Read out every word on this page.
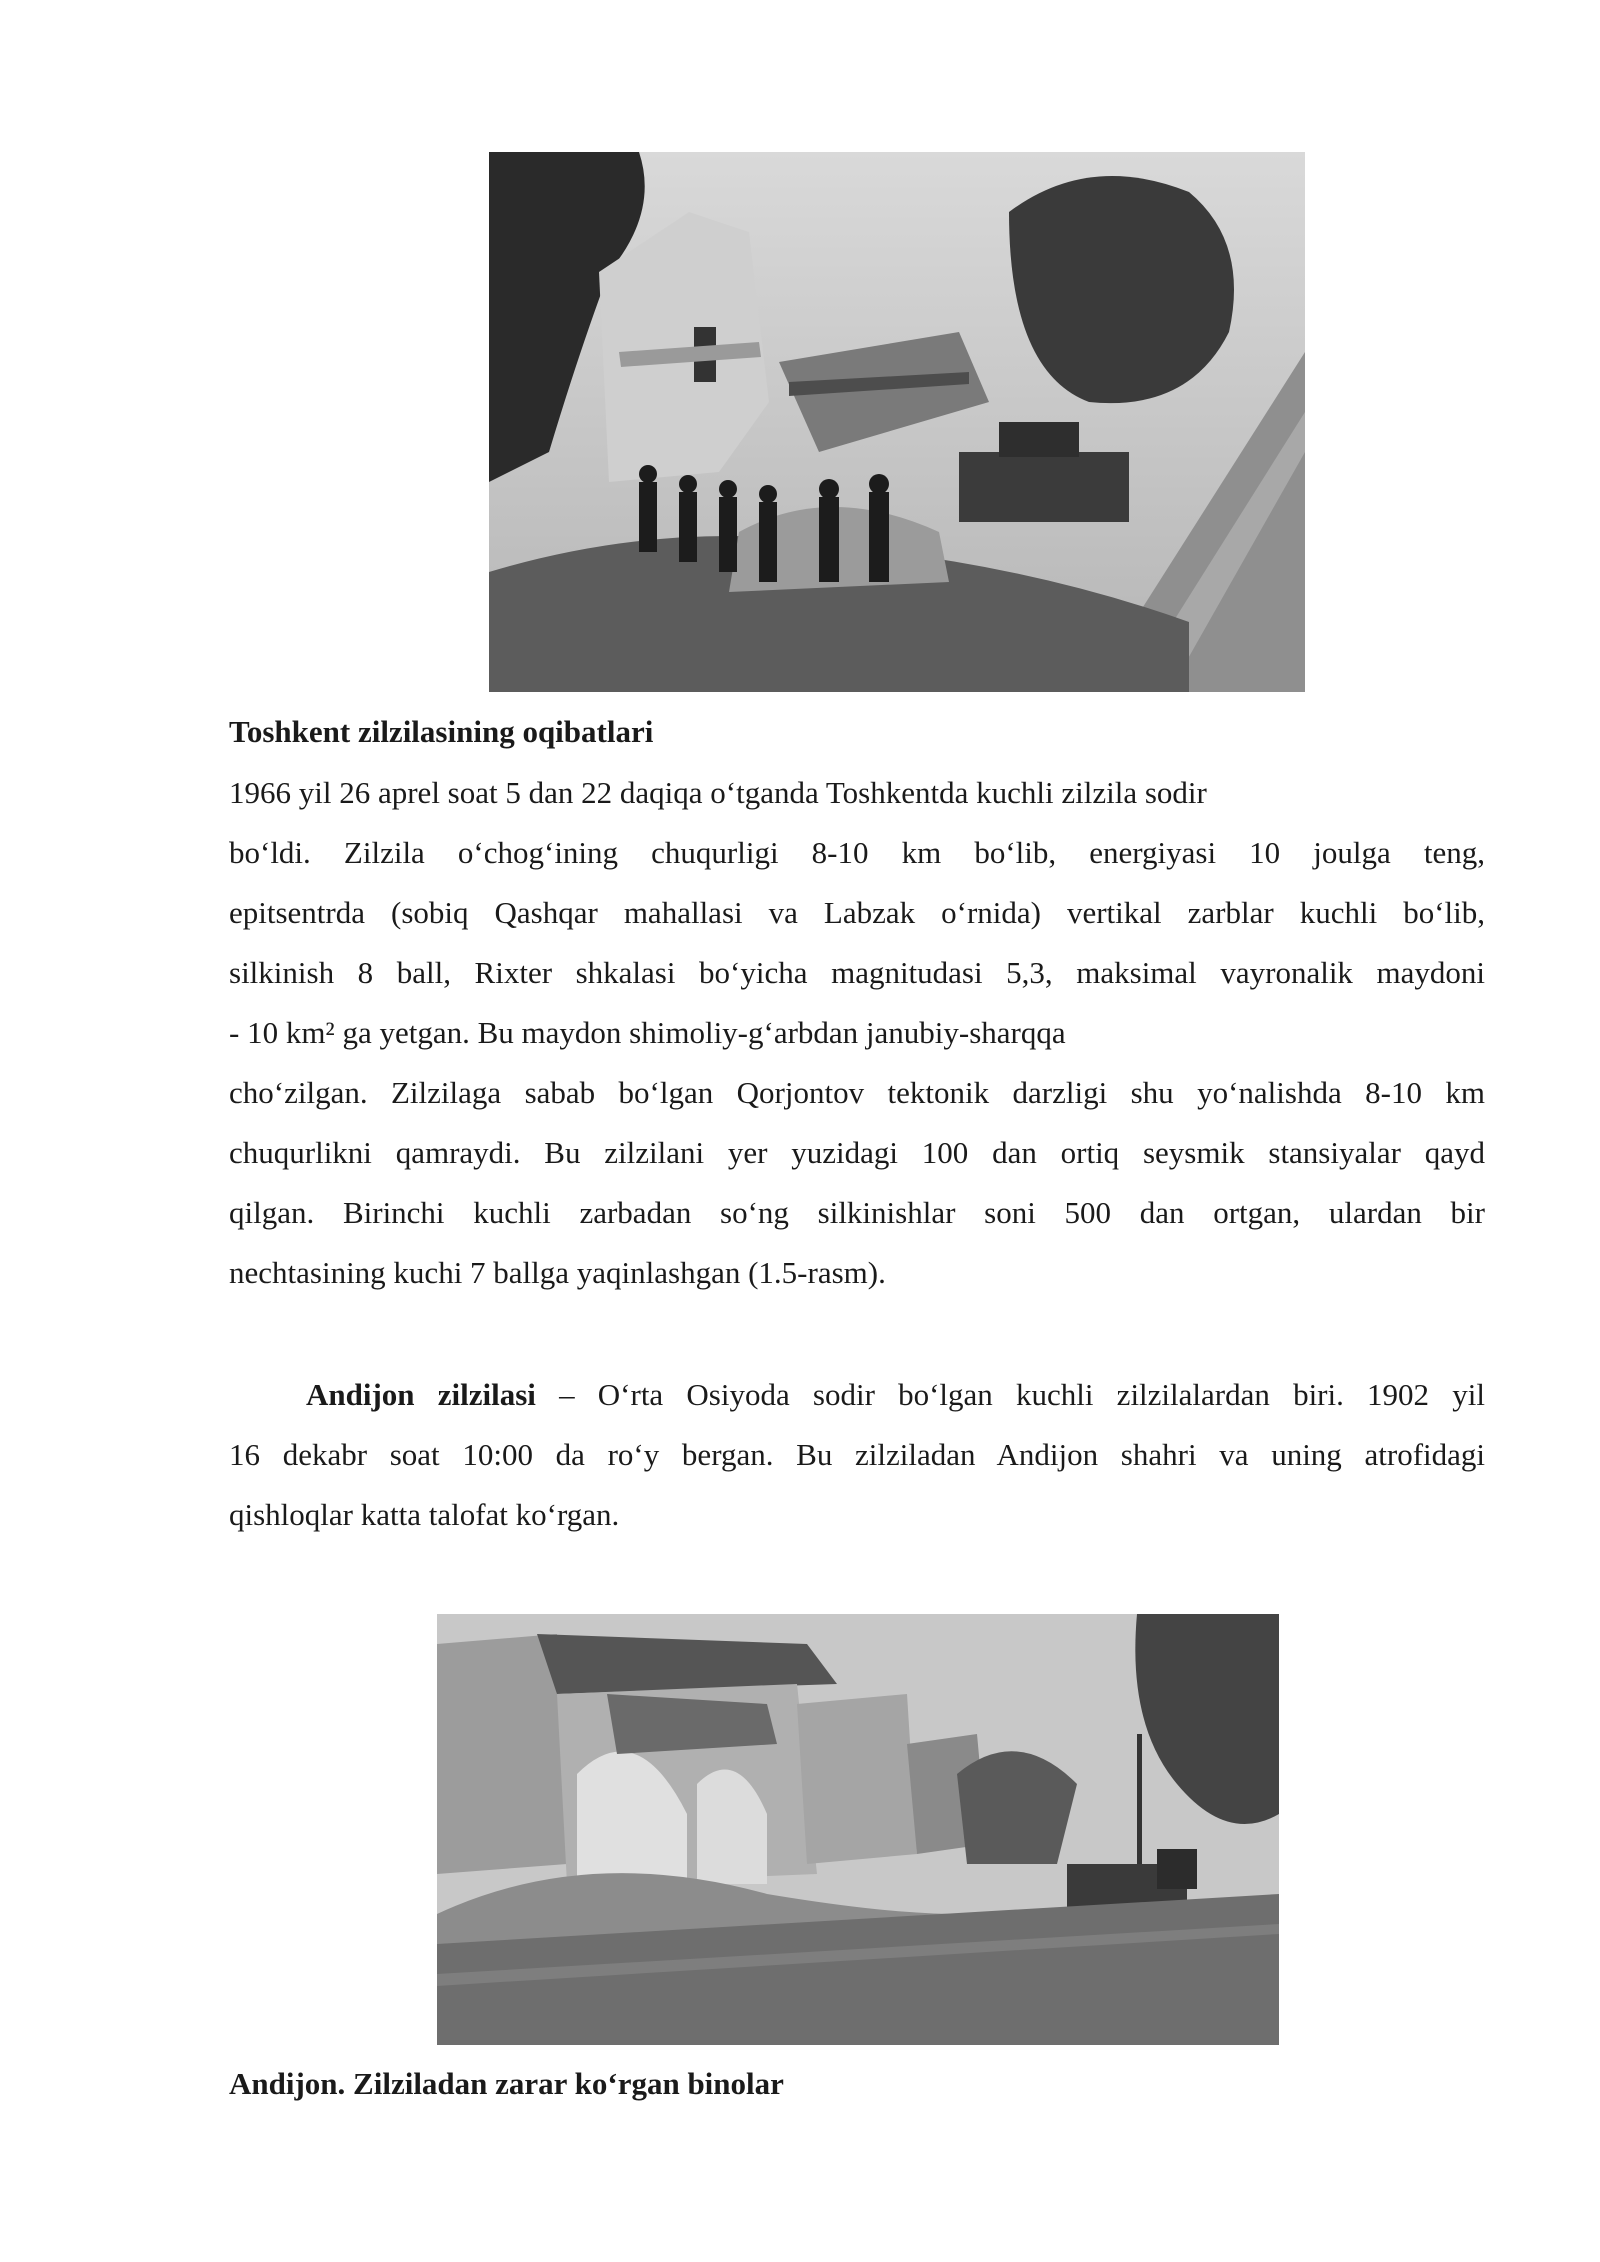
Toshkent zilzilasining oqibatlari

1966 yil 26 aprel soat 5 dan 22 daqiqa o‘tganda Toshkentda kuchli zilzila sodir
bo‘ldi. Zilzila o‘chog‘ining chuqurligi 8-10 km bo‘lib, energiyasi 10 joulga teng,
epitsentrda (sobiq Qashqar mahallasi va Labzak o‘rnida) vertikal zarblar kuchli bo‘lib,
silkinish 8 ball, Rixter shkalasi bo‘yicha magnitudasi 5,3, maksimal vayronalik maydoni
- 10 km² ga yetgan. Bu maydon shimoliy-g‘arbdan janubiy-sharqqa
cho‘zilgan. Zilzilaga sabab bo‘lgan Qorjontov tektonik darzligi shu yo‘nalishda 8-10 km
chuqurlikni qamraydi. Bu zilzilani yer yuzidagi 100 dan ortiq seysmik stansiyalar qayd
qilgan. Birinchi kuchli zarbadan so‘ng silkinishlar soni 500 dan ortgan, ulardan bir
nechtasining kuchi 7 ballga yaqinlashgan (1.5-rasm).
Andijon zilzilasi – O‘rta Osiyoda sodir bo‘lgan kuchli zilzilalardan biri. 1902 yil
16 dekabr soat 10:00 da ro‘y bergan. Bu zilziladan Andijon shahri va uning atrofidagi
qishloqlar katta talofat ko‘rgan.

Andijon. Zilziladan zarar ko‘rgan binolar
